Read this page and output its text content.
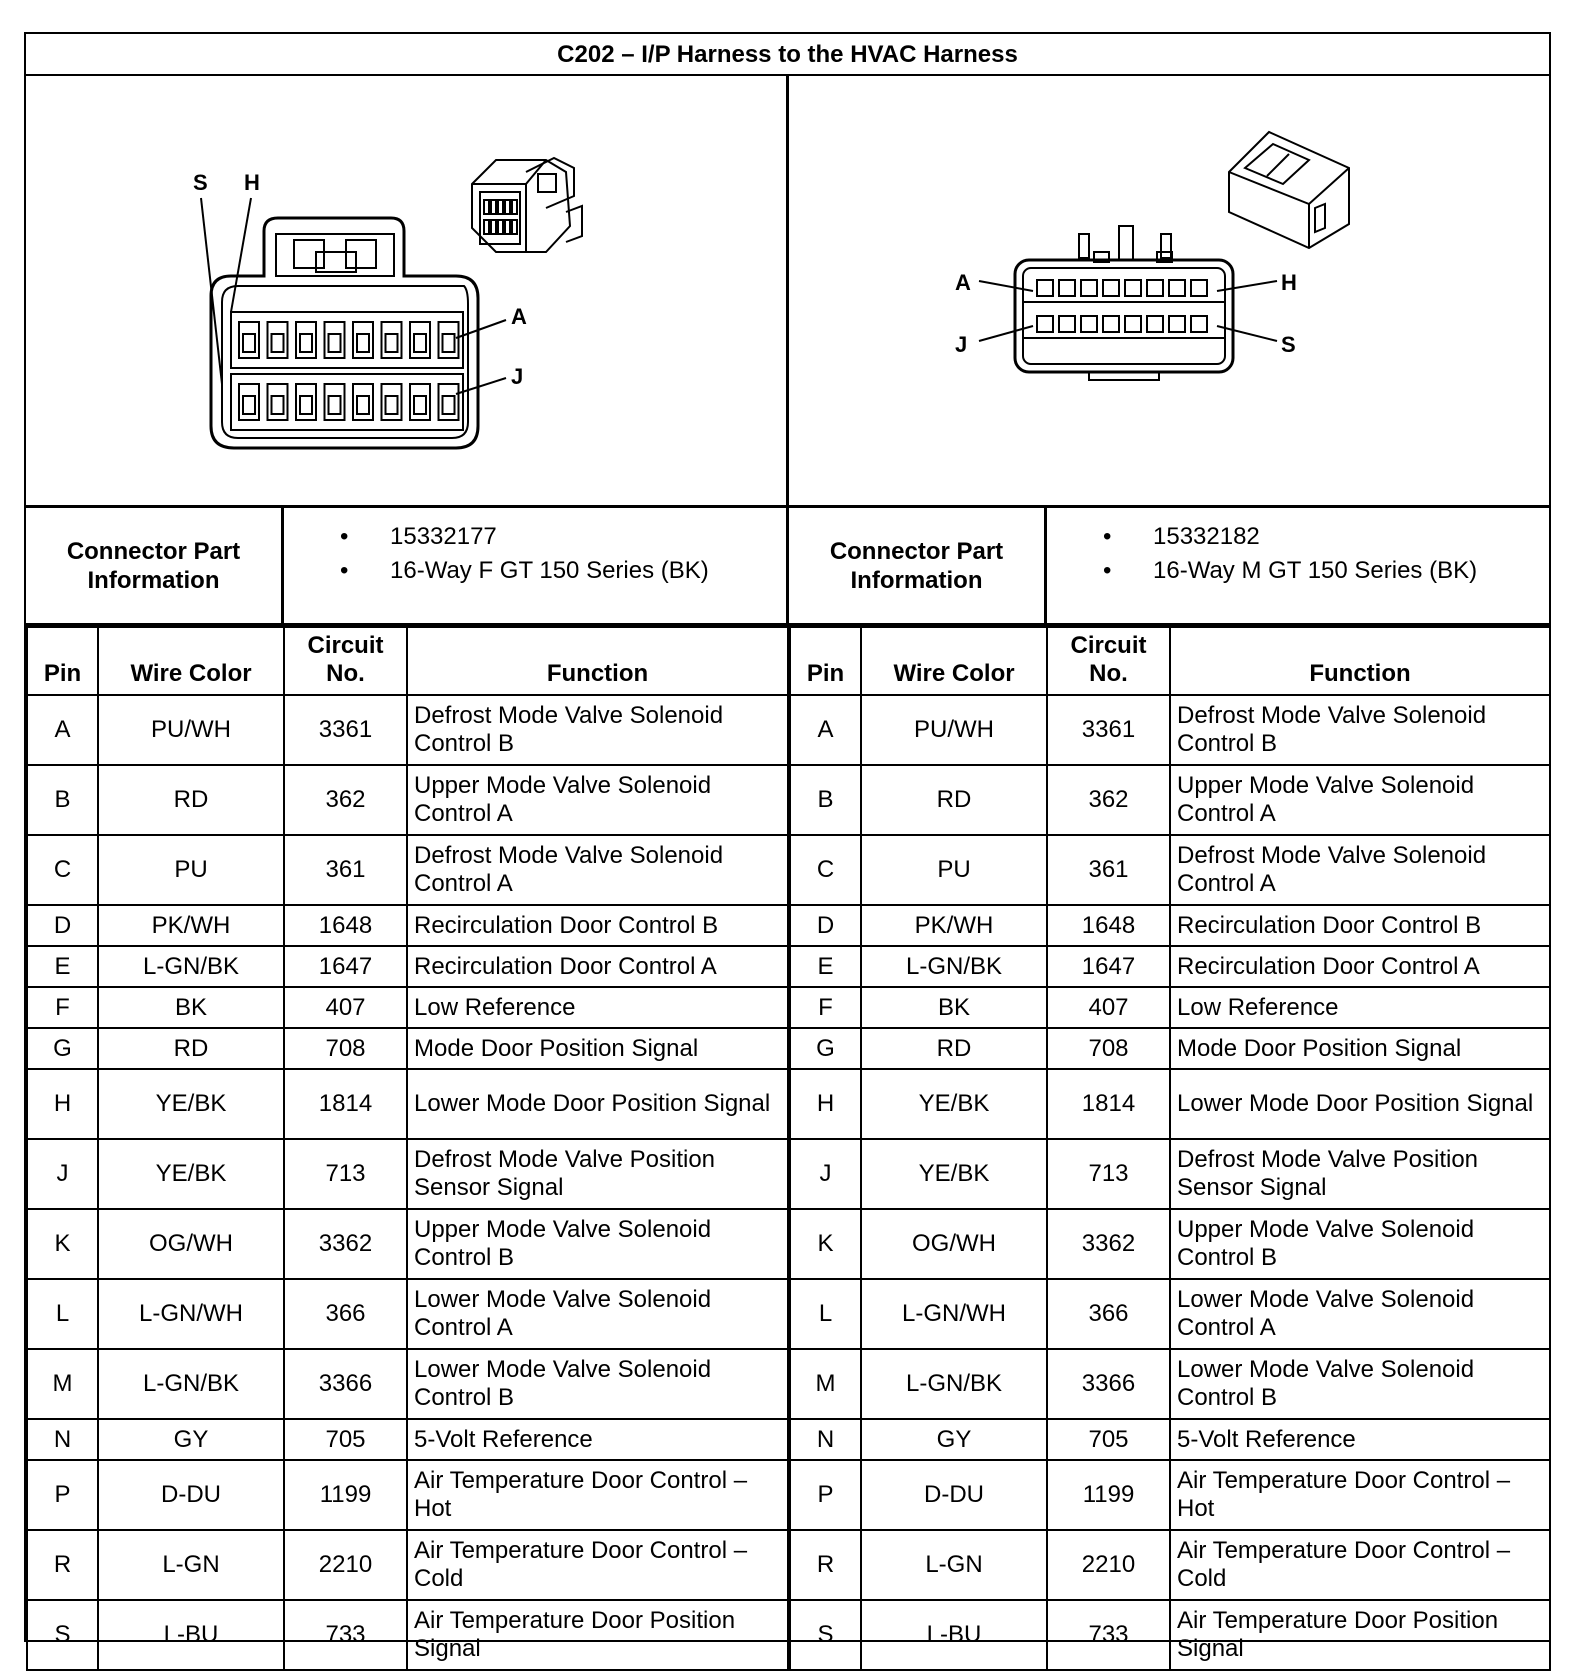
C202 – I/P Harness to the HVAC Harness
S H
A
J
A	H
J	S
Connector Part Information
• 15332177
• 16-Way F GT 150 Series (BK)
Connector Part Information
• 15332182
• 16-Way M GT 150 Series (BK)
Pin	Wire Color	Circuit No.	Function
A	PU/WH	3361	Defrost Mode Valve Solenoid Control B
B	RD	362	Upper Mode Valve Solenoid Control A
C	PU	361	Defrost Mode Valve Solenoid Control A
D	PK/WH	1648	Recirculation Door Control B
E	L-GN/BK	1647	Recirculation Door Control A
F	BK	407	Low Reference
G	RD	708	Mode Door Position Signal
H	YE/BK	1814	Lower Mode Door Position Signal
J	YE/BK	713	Defrost Mode Valve Position Sensor Signal
K	OG/WH	3362	Upper Mode Valve Solenoid Control B
L	L-GN/WH	366	Lower Mode Valve Solenoid Control A
M	L-GN/BK	3366	Lower Mode Valve Solenoid Control B
N	GY	705	5-Volt Reference
P	D-DU	1199	Air Temperature Door Control – Hot
R	L-GN	2210	Air Temperature Door Control – Cold
S	L-BU	733	Air Temperature Door Position Signal
Pin	Wire Color	Circuit No.	Function
A	PU/WH	3361	Defrost Mode Valve Solenoid Control B
B	RD	362	Upper Mode Valve Solenoid Control A
C	PU	361	Defrost Mode Valve Solenoid Control A
D	PK/WH	1648	Recirculation Door Control B
E	L-GN/BK	1647	Recirculation Door Control A
F	BK	407	Low Reference
G	RD	708	Mode Door Position Signal
H	YE/BK	1814	Lower Mode Door Position Signal
J	YE/BK	713	Defrost Mode Valve Position Sensor Signal
K	OG/WH	3362	Upper Mode Valve Solenoid Control B
L	L-GN/WH	366	Lower Mode Valve Solenoid Control A
M	L-GN/BK	3366	Lower Mode Valve Solenoid Control B
N	GY	705	5-Volt Reference
P	D-DU	1199	Air Temperature Door Control – Hot
R	L-GN	2210	Air Temperature Door Control – Cold
S	L-BU	733	Air Temperature Door Position Signal
